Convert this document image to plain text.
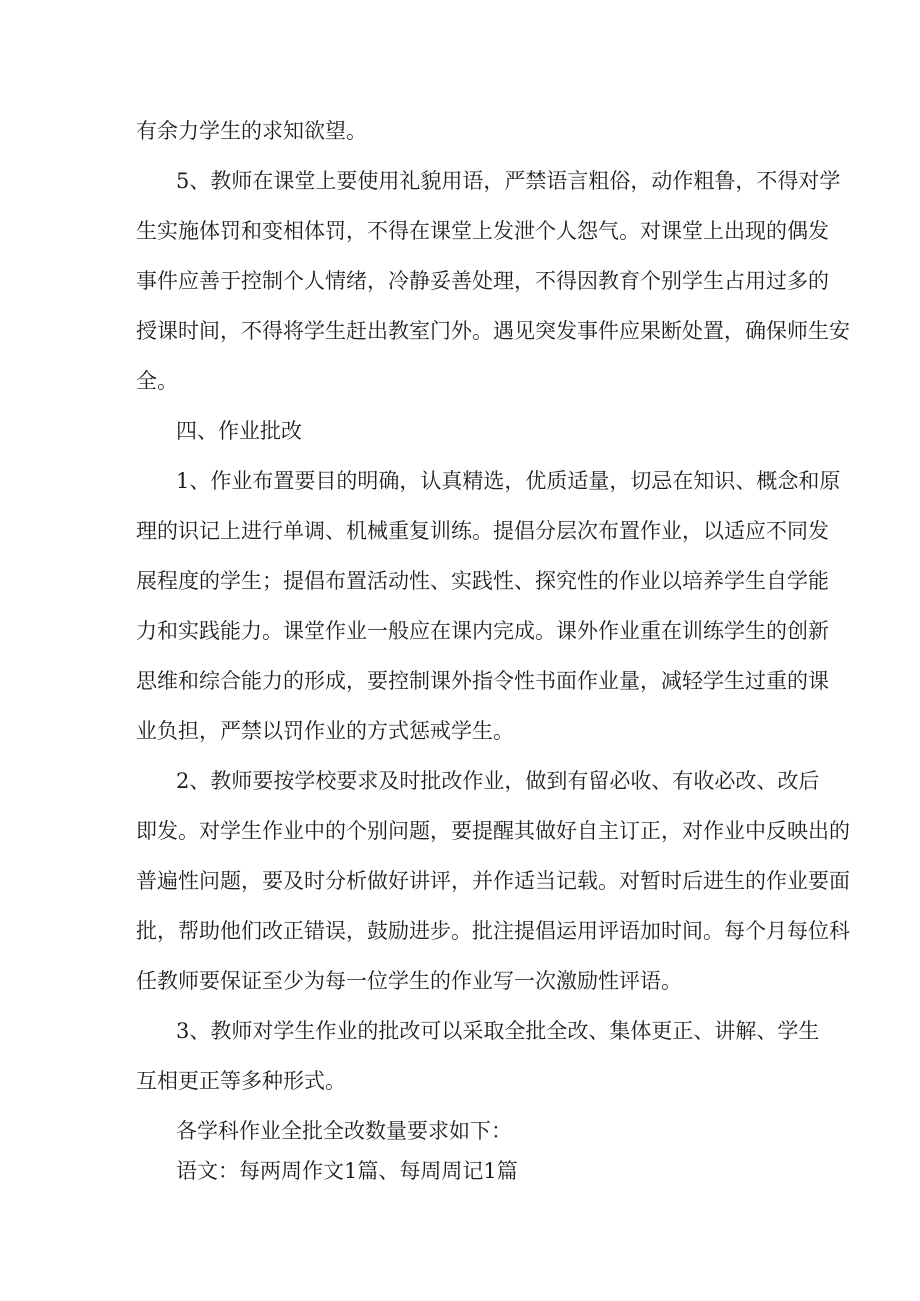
有余力学生的求知欲望。
5、教师在课堂上要使用礼貌用语，严禁语言粗俗，动作粗鲁，不得对学
生实施体罚和变相体罚，不得在课堂上发泄个人怨气。对课堂上出现的偶发
事件应善于控制个人情绪，冷静妥善处理，不得因教育个别学生占用过多的
授课时间，不得将学生赶出教室门外。遇见突发事件应果断处置，确保师生安
全。
四、作业批改
1、作业布置要目的明确，认真精选，优质适量，切忌在知识、概念和原
理的识记上进行单调、机械重复训练。提倡分层次布置作业，以适应不同发
展程度的学生；提倡布置活动性、实践性、探究性的作业以培养学生自学能
力和实践能力。课堂作业一般应在课内完成。课外作业重在训练学生的创新
思维和综合能力的形成，要控制课外指令性书面作业量，减轻学生过重的课
业负担，严禁以罚作业的方式惩戒学生。
2、教师要按学校要求及时批改作业，做到有留必收、有收必改、改后
即发。对学生作业中的个别问题，要提醒其做好自主订正，对作业中反映出的
普遍性问题，要及时分析做好讲评，并作适当记载。对暂时后进生的作业要面
批，帮助他们改正错误，鼓励进步。批注提倡运用评语加时间。每个月每位科
任教师要保证至少为每一位学生的作业写一次激励性评语。
3、教师对学生作业的批改可以采取全批全改、集体更正、讲解、学生
互相更正等多种形式。
各学科作业全批全改数量要求如下：
语文：每两周作文1篇、每周周记1篇
